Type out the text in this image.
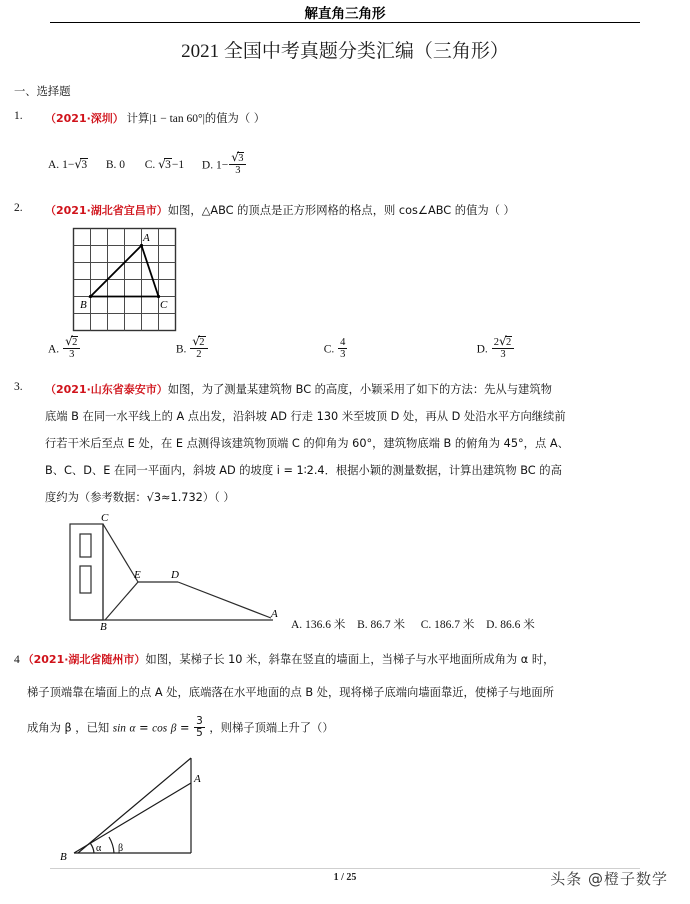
解直角三角形
2021 全国中考真题分类汇编（三角形）
一、选择题
1. （2021·深圳） 计算|1 − tan 60°|的值为（ ）
A. 1− √ 3 B. 0  C. √ 3−1  D. 1− √ $\frac{3}{3}$
2. （2021·湖北省宜昌市）如图，△ABC 的顶点是正方形网格的格点，则 cos∠ABC 的值为（ ）
A
B	C
A. √ $\frac{2}{3}$	B. √ $\frac{2}{2}$	C. $\frac{4}{3}$	D. $\frac{2 √ 2}{3}$
3. （2021·山东省泰安市）如图，为了测量某建筑物 BC 的高度，小颖采用了如下的方法：先从与建筑物
底端 B 在同一水平线上的 A 点出发，沿斜坡 AD 行走 130 米至坡顶 D 处，再从 D 处沿水平方向继续前
行若干米后至点 E 处，在 E 点测得该建筑物顶端 C 的仰角为 60°，建筑物底端 B 的俯角为 45°，点 A、
B、C、D、E 在同一平面内，斜坡 AD 的坡度 i = 1∶2.4．根据小颖的测量数据，计算出建筑物 BC 的高
度约为（参考数据：√3≈1.732）（ ）
C
E	D
B
A
A. 136.6 米 B. 86.7 米 C. 186.7 米 D. 86.6 米
4 （2021·湖北省随州市）如图，某梯子长 10 米，斜靠在竖直的墙面上，当梯子与水平地面所成角为 α 时，
梯子顶端靠在墙面上的点 A 处，底端落在水平地面的点 B 处，现将梯子底端向墙面靠近，使梯子与地面所
成角为 β ，已知 $\sin \alpha = \cos \beta = \frac{3}{5}$ ，则梯子顶端上升了（）
B
A
α β
1 / 25	头条 @橙子数学
